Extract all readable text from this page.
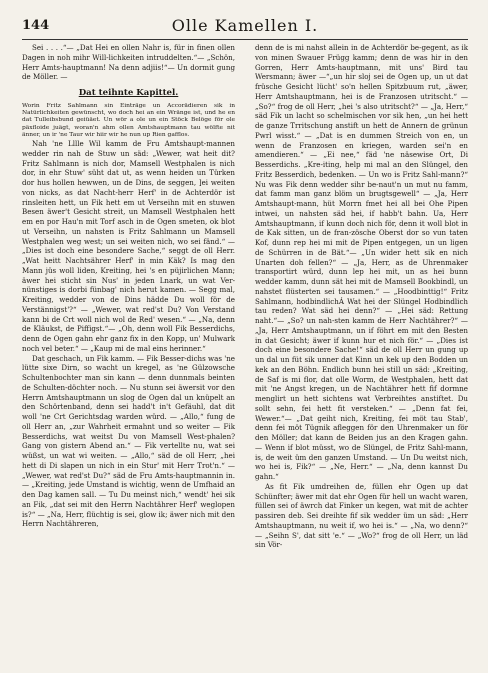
144	Olle Kamellen I.

Sei . . . .“— „Dat Hei en ollen Nahr is, für in finen ollen Dagen in noh mihr Will-lichkeiten intruddelten.“— „Schön, Herr Amts-hauptmann! Na denn adjiis!“— Un dormit gung de Möller. —

Dat teihnte Kapittel.

Worin Fritz Sahlmann sin Einträge un Accorädieren sik in Natürlichkeiten gewünscht, wo doch hei an ein Wränge ist, und he en dat Tulleibsbund geiüäet. Un wör a ole un ein Stöck Belöge för ole päxfloide juägt, woran'n ahm ollen Amtshauptmann tau wölfte nit änner, un ir 'ne Taur wir hiir wir he nun up Rien gafflos.

Nah 'ne Lllle Wil kamm de Fru Amtshaupt-mannen wedder rin nah de Stuw un säd: „Wewer, wat heit dit? Fritz Sahlmann is nich dor, Mamsell Westphalen is nich dor, in ehr Stuw' süht dat ut, as wenn heiden un Türken dor hus hollen hewwen, un de Dins, de seggen, ]ei weiten von nicks, as dat Nacht-herr Herf' in de Achterdör ist rinsleiten hett, un Fik hett em ut Verseihn mit en stuwen Besen äwer't Gesicht streit, un Mamsell Westphalen hett em en por Hau'n mit Torf asch in de Ogen smeten, ok blot ut Verseihn, un nahsten is Fritz Sahlmann un Mamsell Westphalen weg west; un sei weiten nich, wo sei fänd.“ — „Dies ist doch eine besondere Sache,“ seggt de oll Herr. „Wat heitt Nachtsährer Herf' in min Käk? Is mag den Mann jüs woll liden, Kreiting, hei 's en püjirlichen Mann; äwer hei sticht sin Nus' in jeden Lnark, un wat Ver-nünstiges is dorbi fünbag' nich herut kamen. — Segg mal, Kreiting, wedder von de Dins hädde Du woll för de Verstännigst'?“ — „Wewer, wat red'st Du? Von Verstand kann bi de Crt woll nich wol de Red' wesen.“ — „Na, denn de Kläukst, de Piffigst.“— „Oh, denn woll Fik Besserdichs, denn de Ogen gahn ehr ganz fix in den Kopp, un' Mulwark noch vel beter.“ — „Kaup mi de mal eins herinner.“

Dat geschach, un Fik kamm. — Fik Besser-dichs was 'ne lütte sixe Dirn, so wacht un kregel, as 'ne Gülzowsche Schultenbochter man sin kann — denn dunnmals beinten de Schulten-döchter noch. — Nu stunn sei äwersit vor den Herrn Amtshauptmann un slog de Ogen dal un knüpelt an den Schörtenband, denn sei hadd't in't Gefäuhl, dat dit woll 'ne Crt Gerichtsdag warden würd. — „Allo,“ fung de oll Herr an, „zur Wahrheit ermahnt und so weiter — Fik Besserdichs, wat weitst Du von Mamsell West-phalen? Gang von gistern Abend an.“ — Fik vertellte nu, wat sei wüßst, un wat wi weiten. — „Allo,“ säd de oll Herr, „hei hett di Di slapen un nich in ein Stur' mit Herr Trot'n.“ — „Wewer, wat red'st Du?“ säd de Fru Amts-hauptmannin in. — „Kreiting, jede Umstand is wichtig, wenn de Umfhaid an den Dag kamen sall. — Tu Du meinst nich,“ wendt' hei sik an Fik, „dat sei mit den Herrn Nachtährer Herf' weglopen is?“ — „Na, Herr, flüchtig is sei, glow ik; äwer nich mit den Herrn Nachtähreren,

denn de is mi nahst allein in de Achterdör be-gegent, as ik von minen Swauer Frügg kamm; denn de was hir in den Gorren, Herr Amts-hauptmann, mit uns' Bird tau Wersmann; äwer —“„un hir sloj sei de Ogen up, un ut dat früsche Gesicht lücht' so'n hellen Spitzbuum rut, „äwer, Herr Amtshauptmann, hei is de Franzosen utritscht.“ — „So?“ frog de oll Herr, „hei 's also utritscht?“ — „Ja, Herr,“ säd Fik un lacht so schelmischen vor sik hen, „un hei hett de ganze Trritschung anstift un hett de Annern de grünun Pwrl wisst.“ — „Dat is en dummen Streich von en, un wenn de Franzosen en kriegen, warden sei'n en amendieren.“ — „Ei nee,“ fäd 'ne näsewise Ort, Di Besserdichs. „Kre-iting, help mi mal an den Slüngel, den Fritz Besserdich, bedenken. — Un wo is Fritz Sahl-mann?“ Nu was Fik denn wedder sihr be-naut'n un mut nu famm, dat famm man ganz blöm un brugtsgewell“ — „Ja, Herr Amtshaupt-mann, hüt Morrn fmet hei all bei Ohe Pipen intwei, un nahsten säd hei, if habb't bahn. Ua, Herr Amtshauptmann, if kunn doch nich för, denn it woll blot in de Kak sitten, un de fran-zösche Oberst dor so vun taten Kof, dunn rep hei mi mit de Pipen entgegen, un un ligen de Schürren in de Bät.“— „Un wider hett sik en nich Unarten doh fellen?“ — „Ja, Herr, as de Uhrenmaker transportirt würd, dunn lep hei mit, un as hei bunn wedder kamm, dunn sät hei mit de Mamsell Bookbindl, un nahstet flüsterten sei tausamen.“ — „Hoodbinttig!“ Fritz Sahlmann, hodbindlichÁ Wat hei der Slüngel Hodbindlich tau reden? Wat säd hei denn?“ — „Hei säd: Rettung naht.“— „So? un nah-sten kamm de Herr Nachtährer?“ — „Ja, Herr Amtshauptmann, un if föhrt em mit den Besten in dat Gesicht; äwer if kunn hur et nich för.“ — „Dies ist doch eine besondere Sache!“ säd de oll Herr un gung up un dal un füt sik unner dat Kinn un kek up den Bodden un kek an den Böhn. Endlich bunn hei still un säd: „Kreiting, de Saf is mi flor, dat olle Worm, de Westphalen, hett dat mit 'ne Angst kregen, un de Nachtährer hett fif dormne menglirt un hett sichtens wat Verbreihtes anstiftet. Du sollt sehn, fei hett fit versteken.“ — „Denn fat fei, Wewer.“— „Dat geiht nich, Kreiting, fei möt tau Stab', denn fei möt Tügnik afleggen för den Uhrenmaker un för den Möller; dat kann de Beiden jus an den Kragen gahn. — Wenn if blot müsst, wo de Slüngel, de Fritz Sahl-mann, is, de weit üm den ganzen Umstand. — Un Du weitst nich, wo hei is, Fik?“ — „Ne, Herr.“ — „Na, denn kannst Du gahn.“

As fit Fik umdreihen de, füllen ehr Ogen up dat Schünfter; äwer mit dat ehr Ogen für hell un wacht waren, füllen sei of äwrch dat Finker un kegen, wat mit de achter passiren deb. Sei dreihte fif sik wedder üm un säd: „Herr Amtshauptmann, nu weit if, wo hei is.“ — „Na, wo denn?“ — „Seihn S', dat sitt 'e.“ — „Wo?“ frog de oll Herr, un läd sin Vör-
